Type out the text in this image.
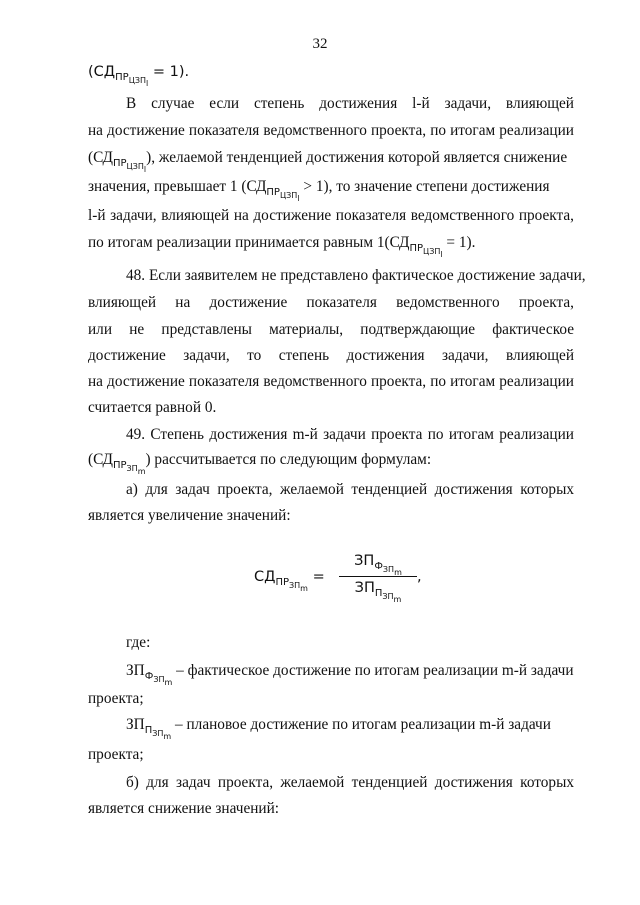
32
$(СД_{ПР_{ЦЗП_l}} = 1)$.
В случае если степень достижения l-й задачи, влияющей
на достижение показателя ведомственного проекта, по итогам реализации
$(СД_{ПР_{ЦЗП_l}})$, желаемой тенденцией достижения которой является снижение
значения, превышает 1 $(СД_{ПР_{ЦЗП_l}} > 1)$, то значение степени достижения
l-й задачи, влияющей на достижение показателя ведомственного проекта,
по итогам реализации принимается равным $1(СД_{ПР_{ЦЗП_l}} = 1)$.
48. Если заявителем не представлено фактическое достижение задачи,
влияющей на достижение показателя ведомственного проекта,
или не представлены материалы, подтверждающие фактическое
достижение задачи, то степень достижения задачи, влияющей
на достижение показателя ведомственного проекта, по итогам реализации
считается равной 0.
49. Степень достижения m-й задачи проекта по итогам реализации
$(СД_{ПР_{ЗП_m}})$ рассчитывается по следующим формулам:
а) для задач проекта, желаемой тенденцией достижения которых
является увеличение значений:
$СД_{ПР_{ЗП_m}}$ =
$ЗП_{Ф_{ЗП_m}}$
$ЗП_{П_{ЗП_m}}$
,
где:
$ЗП_{Ф_{ЗП_m}}$ – фактическое достижение по итогам реализации m-й задачи
проекта;
$ЗП_{П_{ЗП_m}}$ – плановое достижение по итогам реализации m-й задачи
проекта;
б) для задач проекта, желаемой тенденцией достижения которых
является снижение значений:
